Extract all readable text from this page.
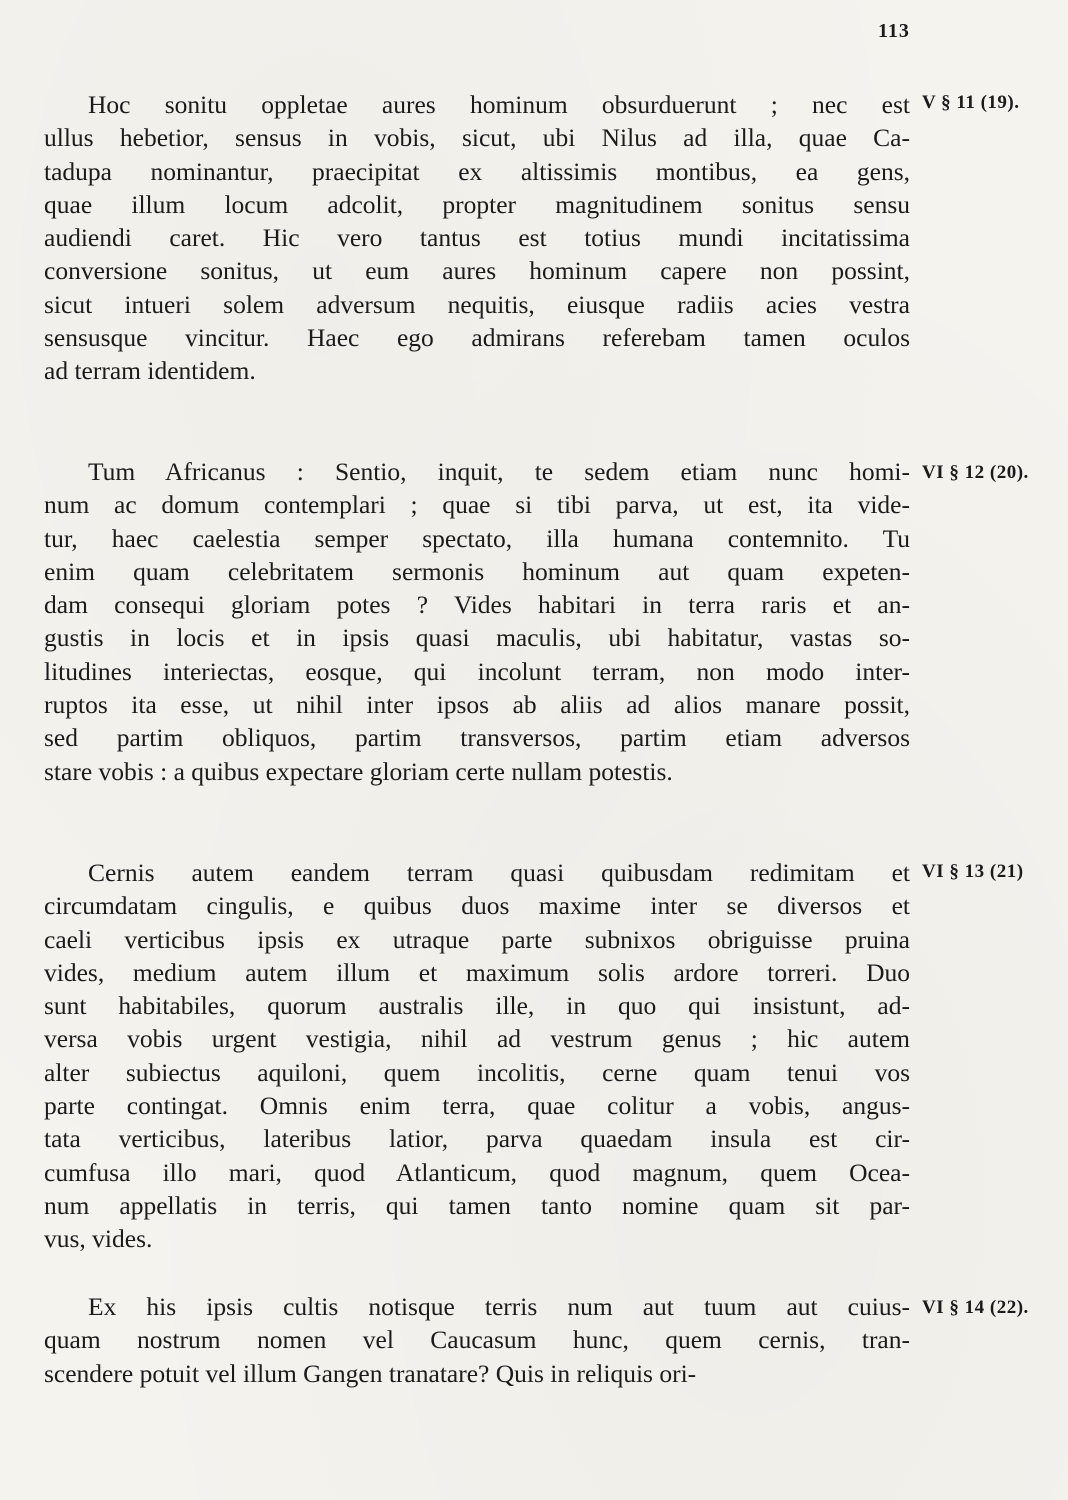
113
Hoc sonitu oppletae aures hominum obsurduerunt ; nec est
ullus hebetior, sensus in vobis, sicut, ubi Nilus ad illa, quae Ca-
tadupa nominantur, praecipitat ex altissimis montibus, ea gens,
quae illum locum adcolit, propter magnitudinem sonitus sensu
audiendi caret. Hic vero tantus est totius mundi incitatissima
conversione sonitus, ut eum aures hominum capere non possint,
sicut intueri solem adversum nequitis, eiusque radiis acies vestra
sensusque vincitur. Haec ego admirans referebam tamen oculos
ad terram identidem.
Tum Africanus : Sentio, inquit, te sedem etiam nunc homi-
num ac domum contemplari ; quae si tibi parva, ut est, ita vide-
tur, haec caelestia semper spectato, illa humana contemnito. Tu
enim quam celebritatem sermonis hominum aut quam expeten-
dam consequi gloriam potes ? Vides habitari in terra raris et an-
gustis in locis et in ipsis quasi maculis, ubi habitatur, vastas so-
litudines interiectas, eosque, qui incolunt terram, non modo inter-
ruptos ita esse, ut nihil inter ipsos ab aliis ad alios manare possit,
sed partim obliquos, partim transversos, partim etiam adversos
stare vobis : a quibus expectare gloriam certe nullam potestis.
Cernis autem eandem terram quasi quibusdam redimitam et
circumdatam cingulis, e quibus duos maxime inter se diversos et
caeli verticibus ipsis ex utraque parte subnixos obriguisse pruina
vides, medium autem illum et maximum solis ardore torreri. Duo
sunt habitabiles, quorum australis ille, in quo qui insistunt, ad-
versa vobis urgent vestigia, nihil ad vestrum genus ; hic autem
alter subiectus aquiloni, quem incolitis, cerne quam tenui vos
parte contingat. Omnis enim terra, quae colitur a vobis, angus-
tata verticibus, lateribus latior, parva quaedam insula est cir-
cumfusa illo mari, quod Atlanticum, quod magnum, quem Ocea-
num appellatis in terris, qui tamen tanto nomine quam sit par-
vus, vides.
Ex his ipsis cultis notisque terris num aut tuum aut cuius-
quam nostrum nomen vel Caucasum hunc, quem cernis, tran-
scendere potuit vel illum Gangen tranatare? Quis in reliquis ori-
V § 11 (19).
VI § 12 (20).
VI § 13 (21)
VI § 14 (22).
